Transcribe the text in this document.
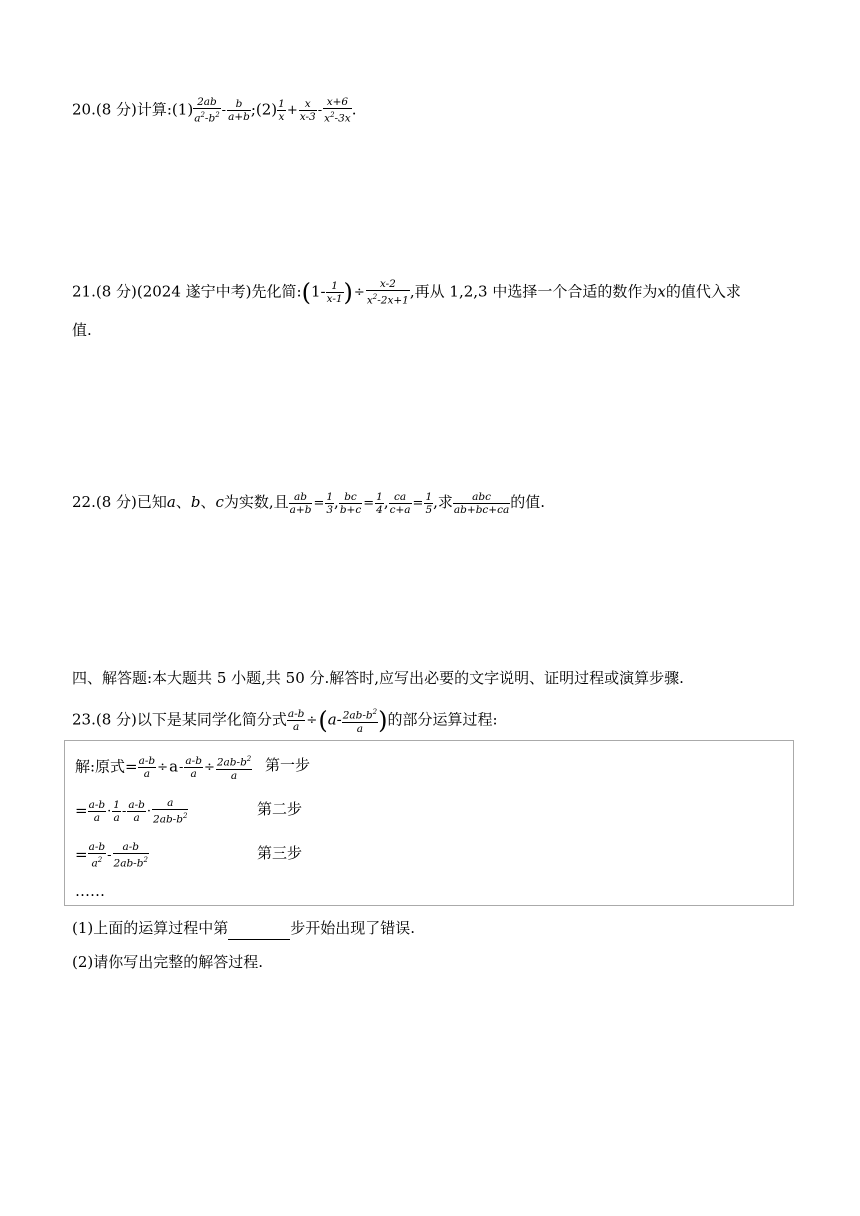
20.(8 分)计算:(1) $\frac{2ab}{a^2-b^2} - \frac{b}{a+b}$ ;(2) $\frac{1}{x} + \frac{x}{x-3} - \frac{x+6}{x^2-3x}$ .
21.(8 分)(2024 遂宁中考)先化简:(1- $\frac{1}{x-1}$ )÷ $\frac{x-2}{x^2-2x+1}$ ,再从 1,2,3 中选择一个合适的数作为x的值代入求
值.
22.(8 分)已知a、b、c为实数,且 $\frac{ab}{a+b} = \frac{1}{3}$ , $\frac{bc}{b+c} = \frac{1}{4}$ , $\frac{ca}{c+a} = \frac{1}{5}$ ,求 $\frac{\text{abc}}{ab+bc+ca}$ 的值.
四、解答题:本大题共 5 小题,共 50 分.解答时,应写出必要的文字说明、证明过程或演算步骤.
23.(8 分)以下是某同学化简分式 $\frac{a-b}{a} \div(a- \frac{2ab-b^2}{a}$ )的部分运算过程:
解:原式= $\frac{a-b}{a} \div a- \frac{a-b}{a} \div \frac{2ab-b^2}{a}$ 第一步
= $\frac{a-b}{a} \cdot \frac{1}{a} - \frac{a-b}{a} \cdot \frac{a}{2ab-b^2}$	第二步
= $\frac{a-b}{a^2} - \frac{a-b}{2ab-b^2}$	第三步
……
(1)上面的运算过程中第	步开始出现了错误.
(2)请你写出完整的解答过程.
